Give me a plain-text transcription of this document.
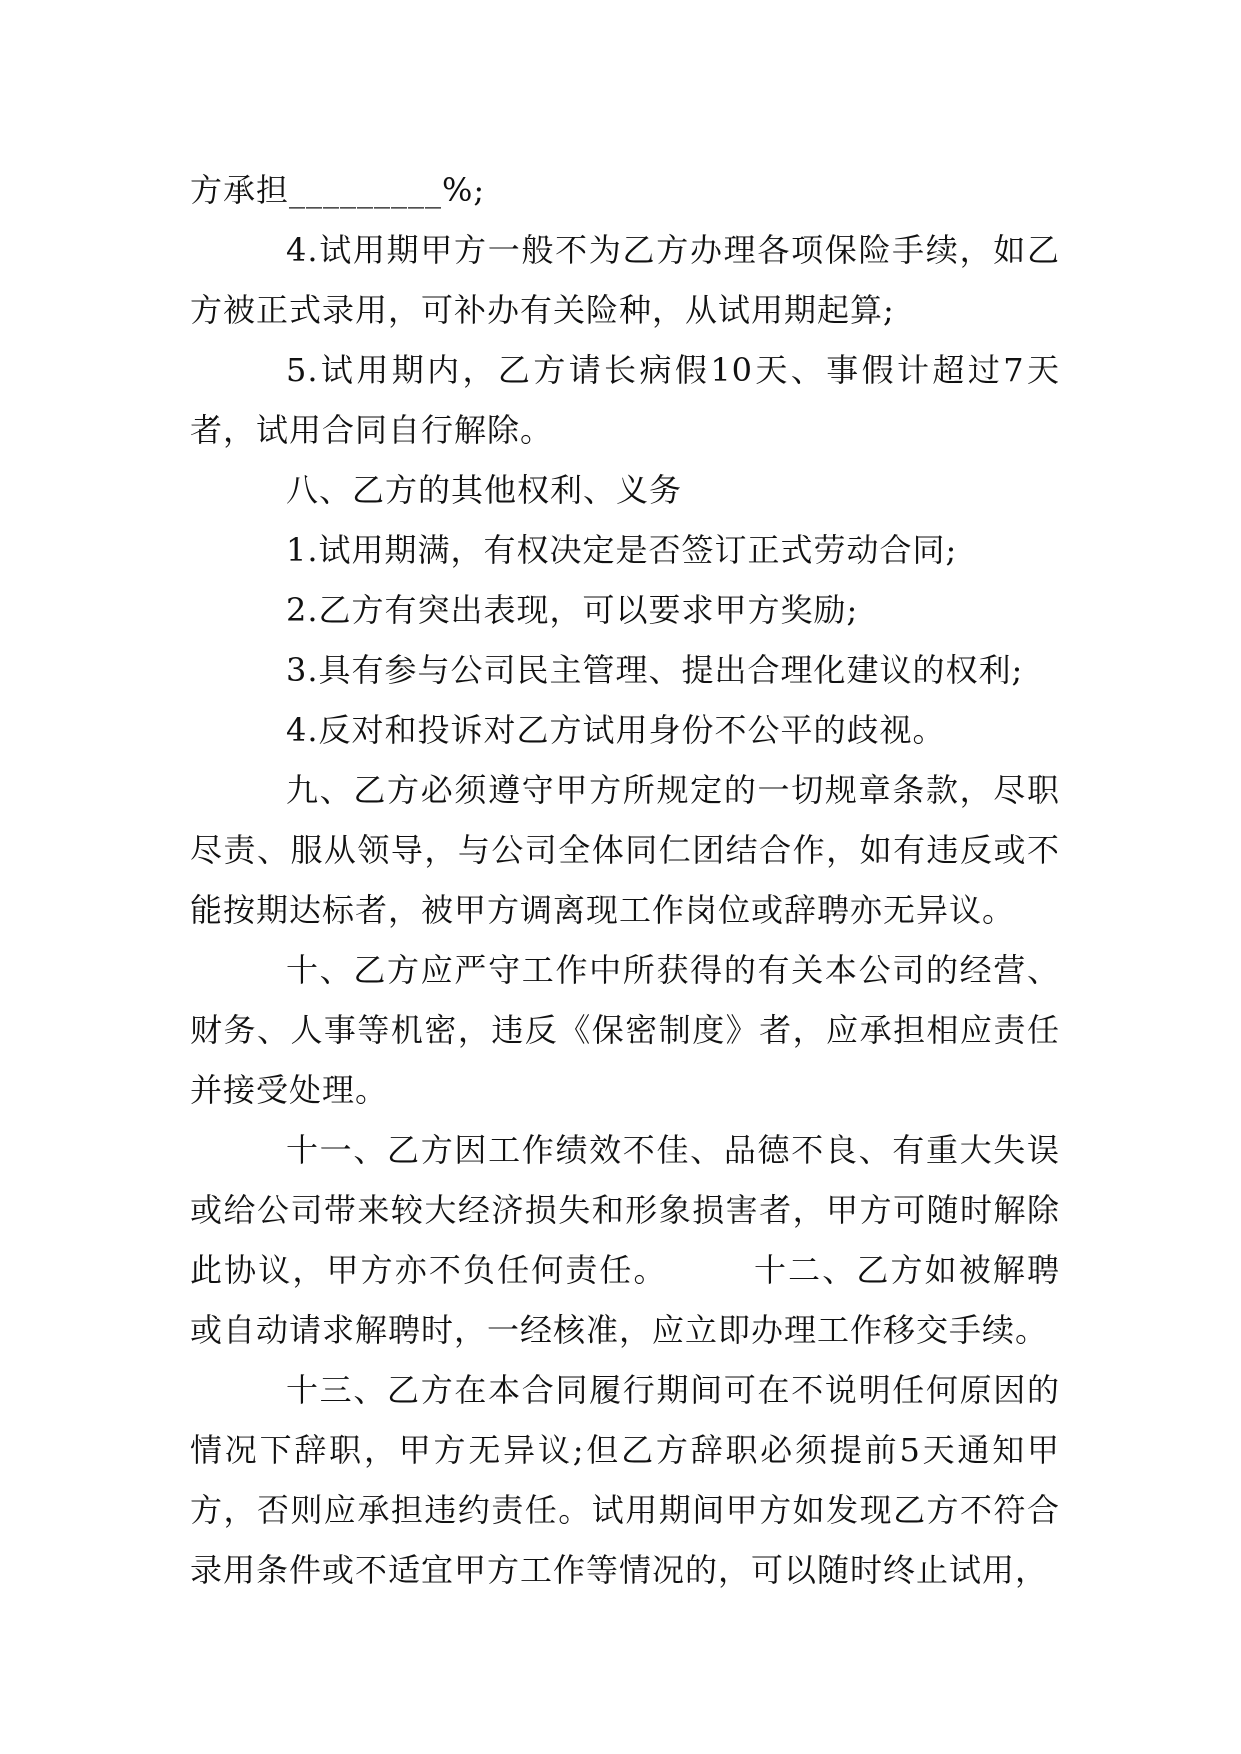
方承担_________%;

4.试用期甲方一般不为乙方办理各项保险手续，如乙方被正式录用，可补办有关险种，从试用期起算;

5.试用期内，乙方请长病假10天、事假计超过7天者，试用合同自行解除。

八、乙方的其他权利、义务

1.试用期满，有权决定是否签订正式劳动合同;

2.乙方有突出表现，可以要求甲方奖励;

3.具有参与公司民主管理、提出合理化建议的权利;

4.反对和投诉对乙方试用身份不公平的歧视。

九、乙方必须遵守甲方所规定的一切规章条款，尽职尽责、服从领导，与公司全体同仁团结合作，如有违反或不能按期达标者，被甲方调离现工作岗位或辞聘亦无异议。

十、乙方应严守工作中所获得的有关本公司的经营、财务、人事等机密，违反《保密制度》者，应承担相应责任并接受处理。

十一、乙方因工作绩效不佳、品德不良、有重大失误或给公司带来较大经济损失和形象损害者，甲方可随时解除此协议，甲方亦不负任何责任。　　　十二、乙方如被解聘或自动请求解聘时，一经核准，应立即办理工作移交手续。

十三、乙方在本合同履行期间可在不说明任何原因的情况下辞职，甲方无异议;但乙方辞职必须提前5天通知甲方，否则应承担违约责任。试用期间甲方如发现乙方不符合录用条件或不适宜甲方工作等情况的，可以随时终止试用，
